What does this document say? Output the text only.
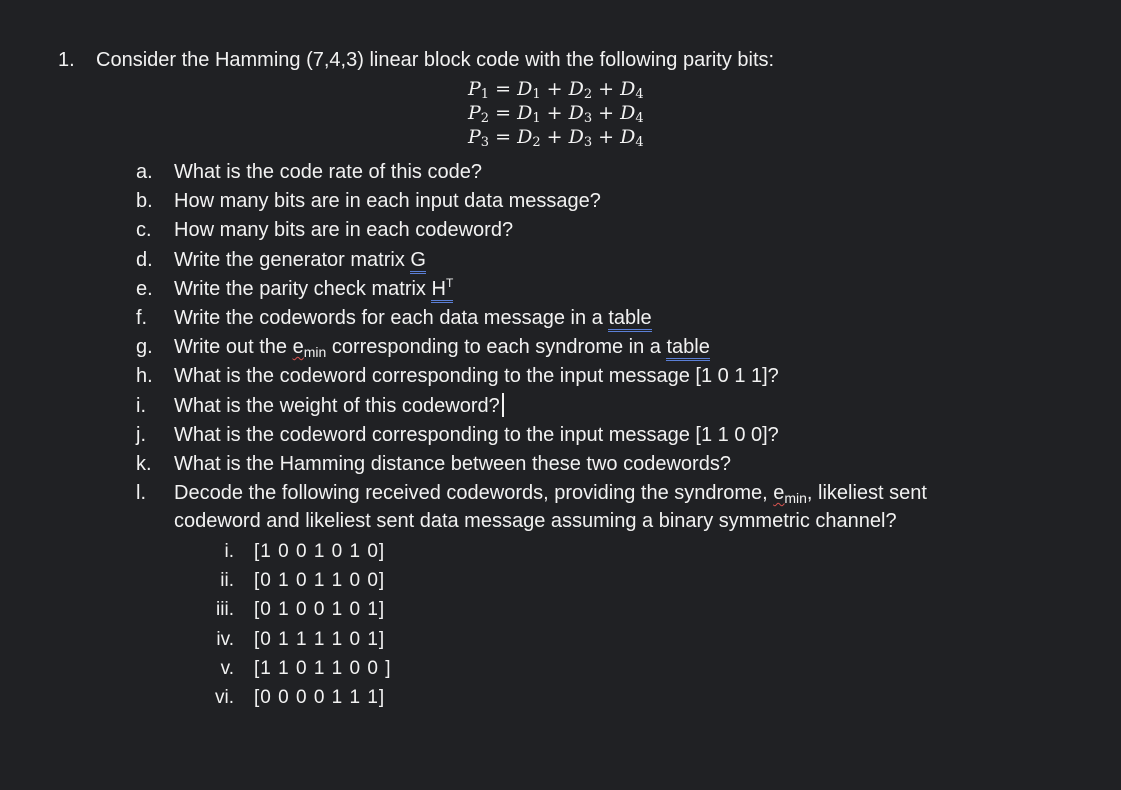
1. Consider the Hamming (7,4,3) linear block code with the following parity bits:
$P_1 = D_1 + D_2 + D_4$
$P_2 = D_1 + D_3 + D_4$
$P_3 = D_2 + D_3 + D_4$
a.	What is the code rate of this code?
b.	How many bits are in each input data message?
c.	How many bits are in each codeword?
d.	Write the generator matrix G
e.	Write the parity check matrix $H^T$
f.	Write the codewords for each data message in a table
g.	Write out the $e_{min}$ corresponding to each syndrome in a table
h.	What is the codeword corresponding to the input message [1 0 1 1]?
i.	What is the weight of this codeword?
j.	What is the codeword corresponding to the input message [1 1 0 0]?
k.	What is the Hamming distance between these two codewords?
l.	Decode the following received codewords, providing the syndrome, $e_{min}$, likeliest sent
codeword and likeliest sent data message assuming a binary symmetric channel?
i. [1 0 0 1 0 1 0]
ii. [0 1 0 1 1 0 0]
iii. [0 1 0 0 1 0 1]
iv. [0 1 1 1 1 0 1]
v. [1 1 0 1 1 0 0 ]
vi. [0 0 0 0 1 1 1]
